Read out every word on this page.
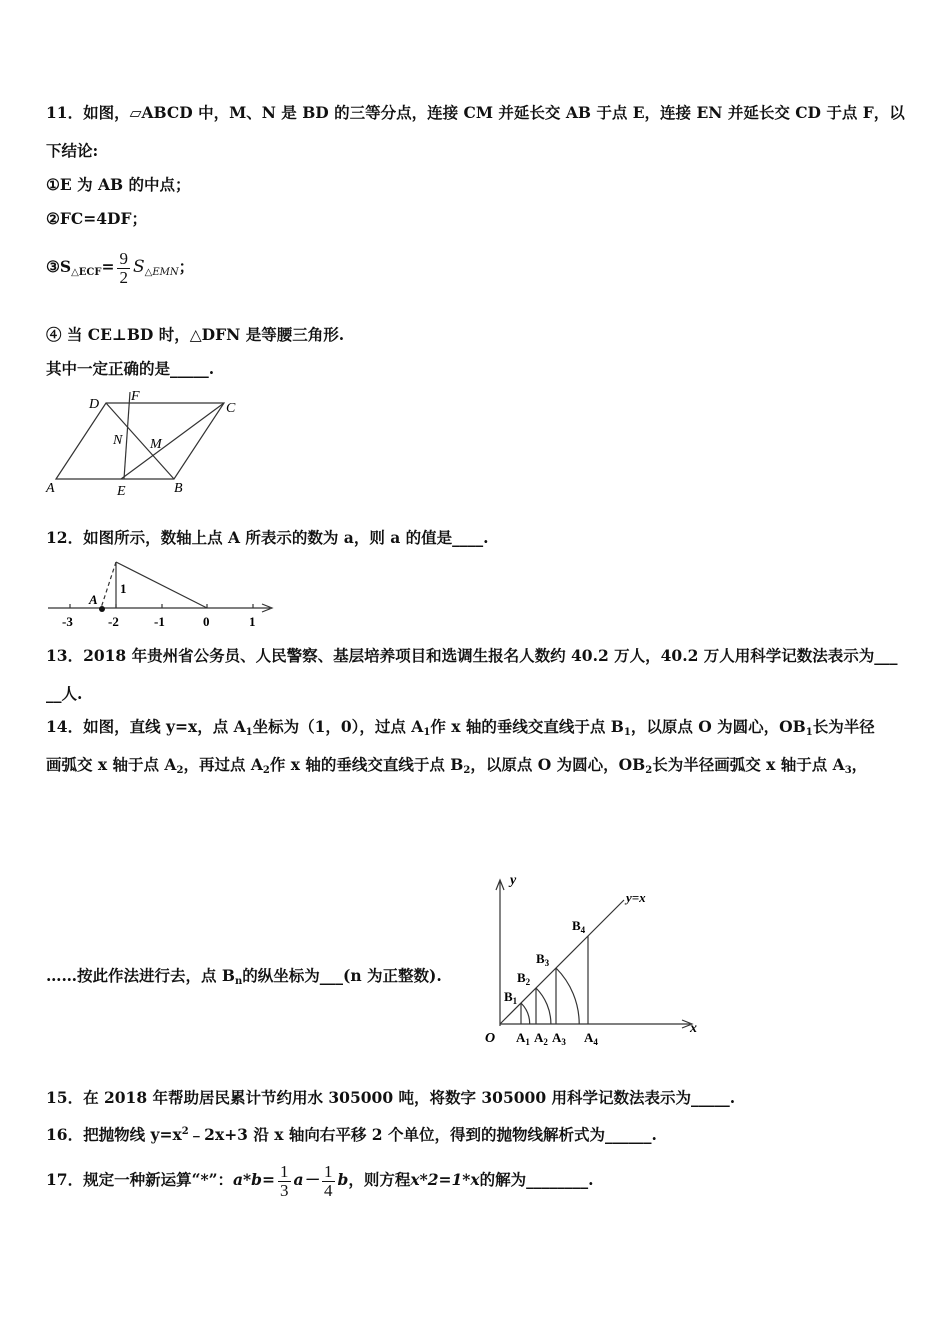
11．如图，▱ABCD 中，M、N 是 BD 的三等分点，连接 CM 并延长交 AB 于点 E，连接 EN 并延长交 CD 于点 F，以
下结论:
①E 为 AB 的中点；
②FC=4DF；
$③S_{\triangle ECF}= \frac{9}{2} S_{\triangle EMN}$；
④ 当 CE⊥BD 时，△DFN 是等腰三角形.
其中一定正确的是_____.
D
F
C
N M
A	E	B
12．如图所示，数轴上点 A 所表示的数为 a，则 a 的值是____.
A
1
-3	-2	-1	0	1
13．2018 年贵州省公务员、人民警察、基层培养项目和选调生报名人数约 40.2 万人，40.2 万人用科学记数法表示为___
__人.
14．如图，直线 y=x，点 $A_1$坐标为（1，0），过点 $A_1$作 x 轴的垂线交直线于点 $B_1$，以原点 O 为圆心，$OB_1$长为半径
画弧交 x 轴于点 $A_2$，再过点 $A_2$作 x 轴的垂线交直线于点 $B_2$，以原点 O 为圆心，$OB_2$长为半径画弧交 x 轴于点 $A_3$，
……按此作法进行去，点 $B_n$的纵坐标为___(n 为正整数).
y
x
y=x
O
$B_1$
$B_2$
$B_3$
$B_4$
$A_1$ $A_2$ $A_3$ $A_4$
15．在 2018 年帮助居民累计节约用水 305000 吨，将数字 305000 用科学记数法表示为_____.
16．把抛物线 $y=x^2﹣2x+3$ 沿 x 轴向右平移 2 个单位，得到的抛物线解析式为______.
17．规定一种新运算“*”：$a*b= \frac{1}{3} a- \frac{1}{4}$ b，则方程x*2=1*x的解为________.
